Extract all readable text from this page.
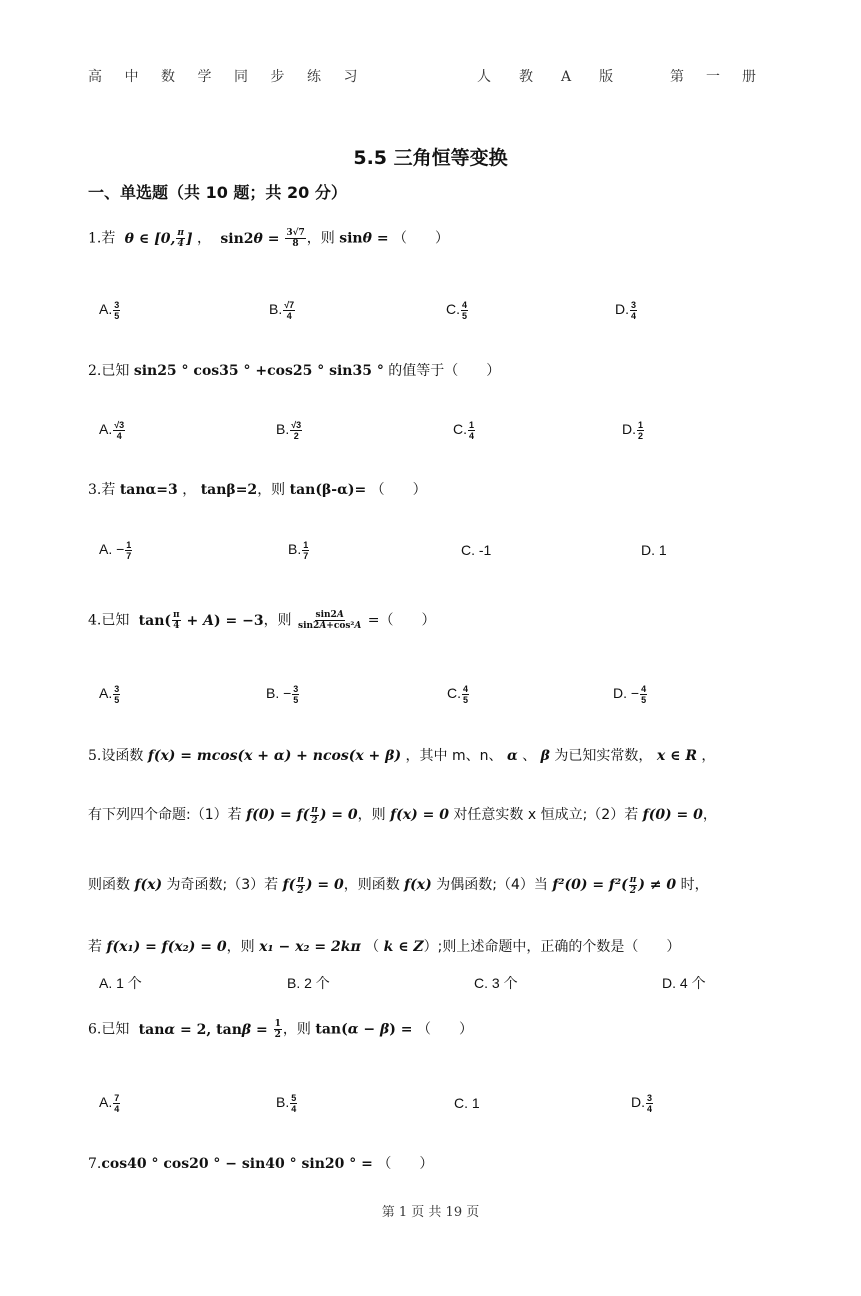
高中数学同步练习	人　　教　　A　　版	第一册
5.5 三角恒等变换
一、单选题（共 10 题；共 20 分）
1.若  θ ∈ [0, $\frac{\pi}{4}$ ] ，  $\sin 2\theta = \frac{3√7}{8}$ ，则 sinθ = （　　）
A. $\frac{3}{5}$	B. $\frac{√7}{4}$	C. $\frac{4}{5}$	D. $\frac{3}{4}$
2.已知 sin25 ° cos35 ° +cos25 ° sin35 ° 的值等于（　　）
A. $\frac{√3}{4}$	B. $\frac{√3}{2}$	C. $\frac{1}{4}$	D. $\frac{1}{2}$
3.若 tanα=3 ， tanβ=2，则 tan(β-α)= （　　）
A. − $\frac{1}{7}$	B. $\frac{1}{7}$	C. -1	D. 1
4.已知  $\tan( \frac{\pi}{4} + A) = -3$，则 $\frac{\sin 2A}{\text{sin2A+cos²A}}$ =（　　）
A. $\frac{3}{5}$	B. − $\frac{3}{5}$	C. $\frac{4}{5}$	D. − $\frac{4}{5}$
5.设函数 f(x) = mcos(x + α) + ncos(x + β) ，其中 m、n、 α 、 β 为已知实常数， x ∈ R ，
有下列四个命题:（1）若 $f(0) = f( \frac{\pi}{2}$ ) = 0，则 f(x) = 0 对任意实数 x 恒成立;（2）若 f(0) = 0，
则函数 f(x) 为奇函数;（3）若 $f( \frac{\pi}{2}$ ) = 0，则函数 f(x) 为偶函数;（4）当 $f^2(0) = f^2( \frac{\pi}{2}$ ) ≠ 0 时，
若 f(x₁) = f(x₂) = 0，则 x₁ − x₂ = 2kπ （ k ∈ Z）;则上述命题中，正确的个数是（　　）
A. 1 个	B. 2 个	C. 3 个	D. 4 个
6.已知  tanα = 2, $\tan\beta = \frac{1}{2}$ ，则 tan(α − β) = （　　）
A. $\frac{7}{4}$	B. $\frac{5}{4}$	C. 1	D. $\frac{3}{4}$
7.cos40 ° cos20 ° − sin40 ° sin20 ° = （　　）
第 1 页 共 19 页
